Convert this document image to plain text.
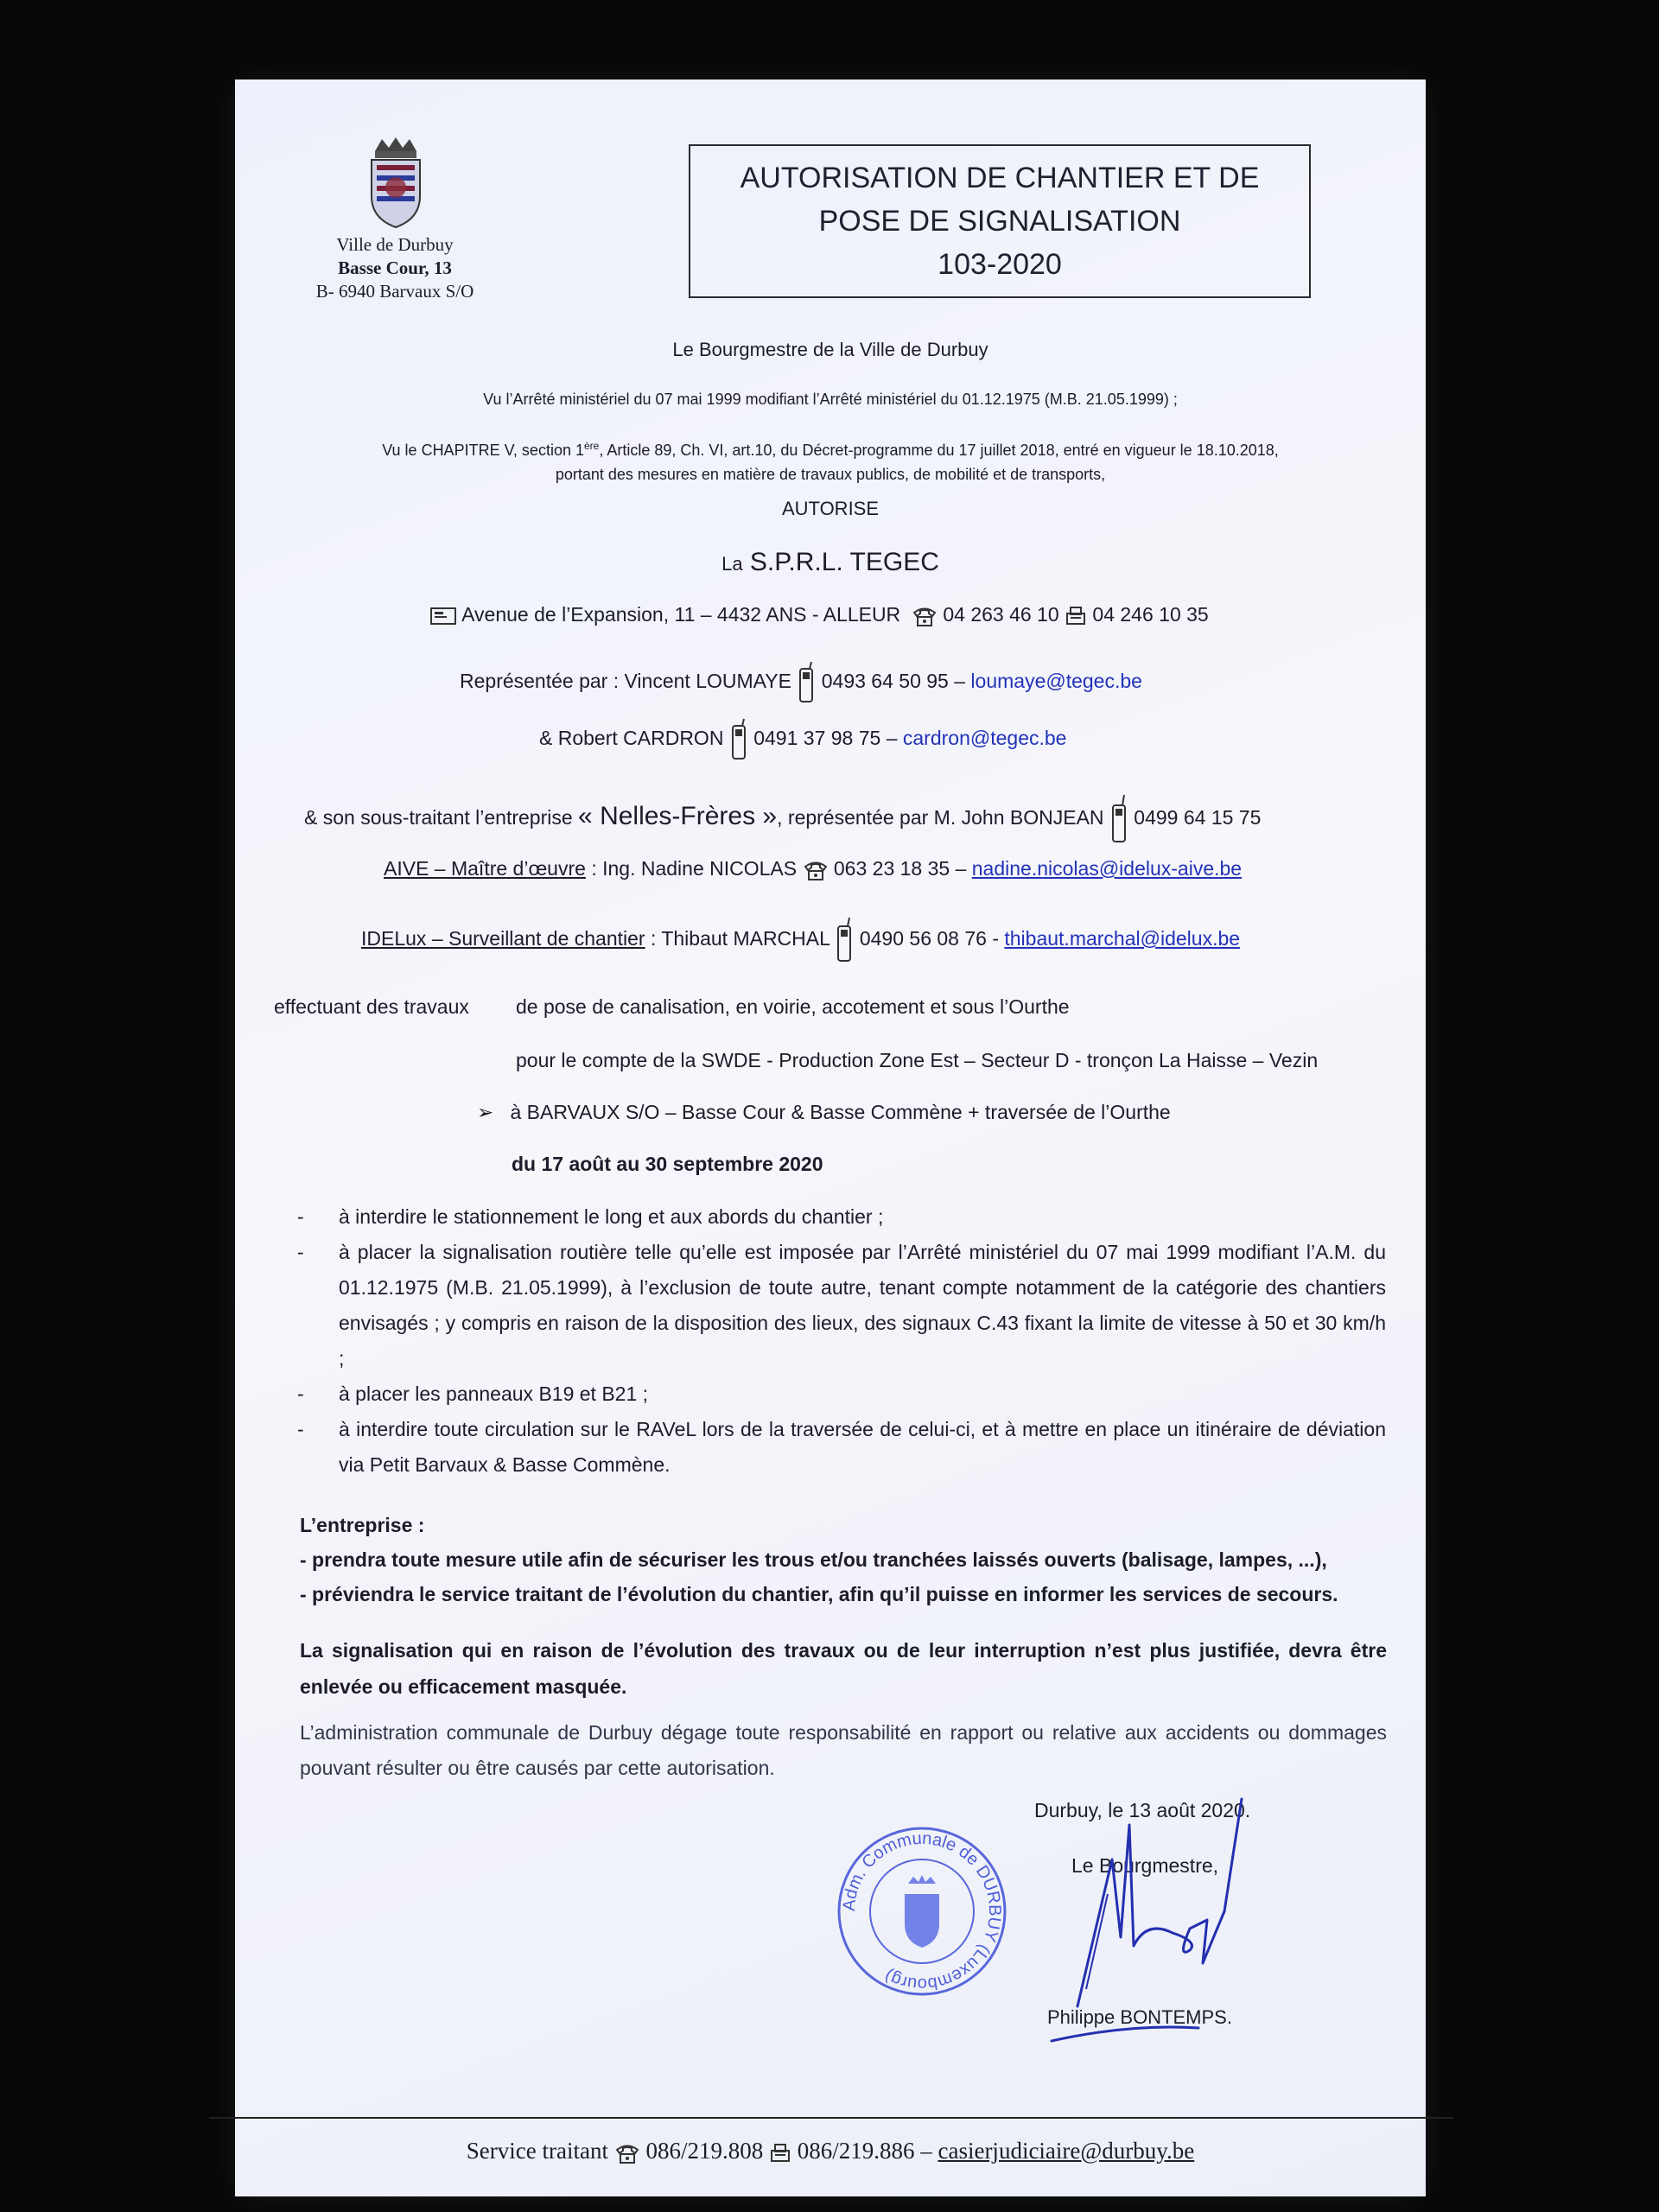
Ville de Durbuy
Basse Cour, 13
B- 6940 Barvaux S/O
AUTORISATION DE CHANTIER ET DE
POSE DE SIGNALISATION
103-2020
Le Bourgmestre de la Ville de Durbuy
Vu l’Arrêté ministériel du 07 mai 1999 modifiant l’Arrêté ministériel du 01.12.1975 (M.B. 21.05.1999) ;
Vu le CHAPITRE V, section 1ère, Article 89, Ch. VI, art.10, du Décret-programme du 17 juillet 2018, entré en vigueur le 18.10.2018,
portant des mesures en matière de travaux publics, de mobilité et de transports,
AUTORISE
La S.P.R.L. TEGEC
Avenue de l’Expansion, 11 – 4432 ANS - ALLEUR 04 263 46 10 04 246 10 35
Représentée par : Vincent LOUMAYE 0493 64 50 95 – loumaye@tegec.be
& Robert CARDRON 0491 37 98 75 – cardron@tegec.be
& son sous-traitant l’entreprise « Nelles-Frères », représentée par M. John BONJEAN 0499 64 15 75
AIVE – Maître d’œuvre : Ing. Nadine NICOLAS 063 23 18 35 – nadine.nicolas@idelux-aive.be
IDELux – Surveillant de chantier : Thibaut MARCHAL 0490 56 08 76 - thibaut.marchal@idelux.be
effectuant des travaux de pose de canalisation, en voirie, accotement et sous l’Ourthe
pour le compte de la SWDE - Production Zone Est – Secteur D - tronçon La Haisse – Vezin
➢ à BARVAUX S/O – Basse Cour & Basse Commène + traversée de l’Ourthe
du 17 août au 30 septembre 2020
- à interdire le stationnement le long et aux abords du chantier ;
- à placer la signalisation routière telle qu’elle est imposée par l’Arrêté ministériel du 07 mai 1999 modifiant l’A.M. du 01.12.1975 (M.B. 21.05.1999), à l’exclusion de toute autre, tenant compte notamment de la catégorie des chantiers envisagés ; y compris en raison de la disposition des lieux, des signaux C.43 fixant la limite de vitesse à 50 et 30 km/h ;
- à placer les panneaux B19 et B21 ;
- à interdire toute circulation sur le RAVeL lors de la traversée de celui-ci, et à mettre en place un itinéraire de déviation via Petit Barvaux & Basse Commène.
L’entreprise :
- prendra toute mesure utile afin de sécuriser les trous et/ou tranchées laissés ouverts (balisage, lampes, ...),
- préviendra le service traitant de l’évolution du chantier, afin qu’il puisse en informer les services de secours.
La signalisation qui en raison de l’évolution des travaux ou de leur interruption n’est plus justifiée, devra être enlevée ou efficacement masquée.
L’administration communale de Durbuy dégage toute responsabilité en rapport ou relative aux accidents ou dommages pouvant résulter ou être causés par cette autorisation.
Adm. Communale de DURBUY (Luxembourg)
Durbuy, le 13 août 2020.
Le Bourgmestre,
Philippe BONTEMPS.
Service traitant 086/219.808 086/219.886 – casierjudiciaire@durbuy.be
